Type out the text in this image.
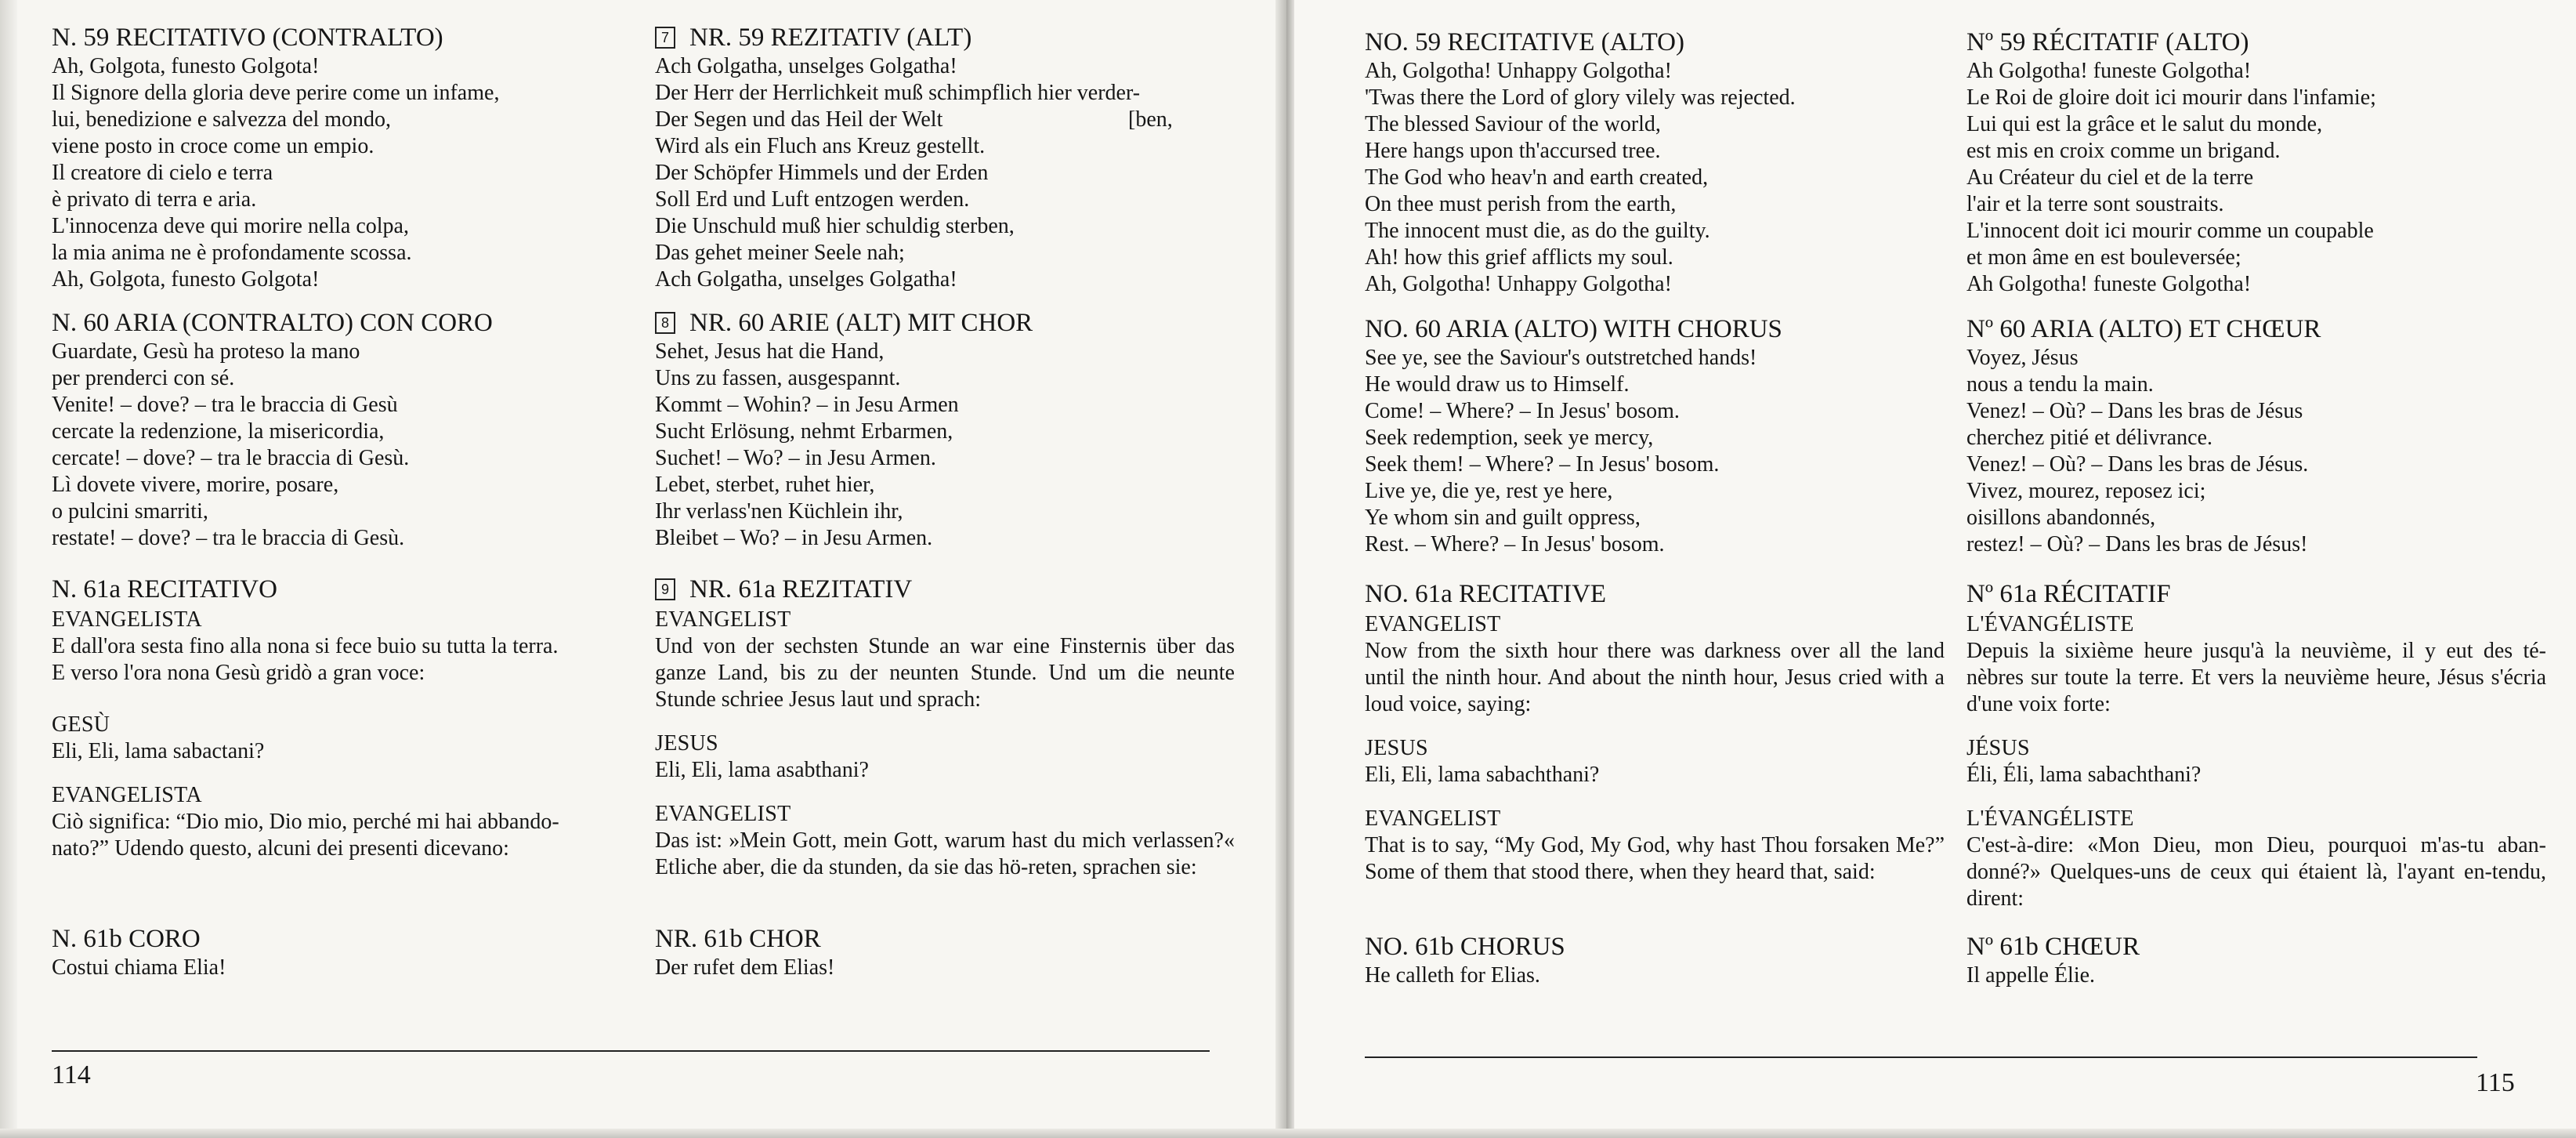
N. 59 RECITATIVO (CONTRALTO)

Ah, Golgota, funesto Golgota!

Il Signore della gloria deve perire come un infame,

lui, benedizione e salvezza del mondo,

viene posto in croce come un empio.

Il creatore di cielo e terra

è privato di terra e aria.

L'innocenza deve qui morire nella colpa,

la mia anima ne è profondamente scossa.

Ah, Golgota, funesto Golgota!

N. 60 ARIA (CONTRALTO) CON CORO

Guardate, Gesù ha proteso la mano

per prenderci con sé.

Venite! – dove? – tra le braccia di Gesù

cercate la redenzione, la misericordia,

cercate! – dove? – tra le braccia di Gesù.

Lì dovete vivere, morire, posare,

o pulcini smarriti,

restate! – dove? – tra le braccia di Gesù.

N. 61a RECITATIVO

EVANGELISTA

E dall'ora sesta fino alla nona si fece buio su tutta la terra.

E verso l'ora nona Gesù gridò a gran voce:

GESÙ

Eli, Eli, lama sabactani?

EVANGELISTA

Ciò significa: “Dio mio, Dio mio, perché mi hai abbando-

nato?” Udendo questo, alcuni dei presenti dicevano:

N. 61b CORO

Costui chiama Elia!

7 NR. 59 REZITATIV (ALT)

Ach Golgatha, unselges Golgatha!

Der Herr der Herrlichkeit muß schimpflich hier verder-

Der Segen und das Heil der Welt	[ben,

Wird als ein Fluch ans Kreuz gestellt.

Der Schöpfer Himmels und der Erden

Soll Erd und Luft entzogen werden.

Die Unschuld muß hier schuldig sterben,

Das gehet meiner Seele nah;

Ach Golgatha, unselges Golgatha!

8 NR. 60 ARIE (ALT) MIT CHOR

Sehet, Jesus hat die Hand,

Uns zu fassen, ausgespannt.

Kommt – Wohin? – in Jesu Armen

Sucht Erlösung, nehmt Erbarmen,

Suchet! – Wo? – in Jesu Armen.

Lebet, sterbet, ruhet hier,

Ihr verlass'nen Küchlein ihr,

Bleibet – Wo? – in Jesu Armen.

9 NR. 61a REZITATIV

EVANGELIST

Und von der sechsten Stunde an war eine Finsternis über das ganze Land, bis zu der neunten Stunde. Und um die neunte Stunde schriee Jesus laut und sprach:

JESUS

Eli, Eli, lama asabthani?

EVANGELIST

Das ist: »Mein Gott, mein Gott, warum hast du mich verlassen?« Etliche aber, die da stunden, da sie das hö-reten, sprachen sie:

NR. 61b CHOR

Der rufet dem Elias!

114

NO. 59 RECITATIVE (ALTO)

Ah, Golgotha! Unhappy Golgotha!

'Twas there the Lord of glory vilely was rejected.

The blessed Saviour of the world,

Here hangs upon th'accursed tree.

The God who heav'n and earth created,

On thee must perish from the earth,

The innocent must die, as do the guilty.

Ah! how this grief afflicts my soul.

Ah, Golgotha! Unhappy Golgotha!

NO. 60 ARIA (ALTO) WITH CHORUS

See ye, see the Saviour's outstretched hands!

He would draw us to Himself.

Come! – Where? – In Jesus' bosom.

Seek redemption, seek ye mercy,

Seek them! – Where? – In Jesus' bosom.

Live ye, die ye, rest ye here,

Ye whom sin and guilt oppress,

Rest. – Where? – In Jesus' bosom.

NO. 61a RECITATIVE

EVANGELIST

Now from the sixth hour there was darkness over all the land until the ninth hour. And about the ninth hour, Jesus cried with a loud voice, saying:

JESUS

Eli, Eli, lama sabachthani?

EVANGELIST

That is to say, “My God, My God, why hast Thou forsaken Me?” Some of them that stood there, when they heard that, said:

NO. 61b CHORUS

He calleth for Elias.

Nº 59 RÉCITATIF (ALTO)

Ah Golgotha! funeste Golgotha!

Le Roi de gloire doit ici mourir dans l'infamie;

Lui qui est la grâce et le salut du monde,

est mis en croix comme un brigand.

Au Créateur du ciel et de la terre

l'air et la terre sont soustraits.

L'innocent doit ici mourir comme un coupable

et mon âme en est bouleversée;

Ah Golgotha! funeste Golgotha!

Nº 60 ARIA (ALTO) ET CHŒUR

Voyez, Jésus

nous a tendu la main.

Venez! – Où? – Dans les bras de Jésus

cherchez pitié et délivrance.

Venez! – Où? – Dans les bras de Jésus.

Vivez, mourez, reposez ici;

oisillons abandonnés,

restez! – Où? – Dans les bras de Jésus!

Nº 61a RÉCITATIF

L'ÉVANGÉLISTE

Depuis la sixième heure jusqu'à la neuvième, il y eut des té-nèbres sur toute la terre. Et vers la neuvième heure, Jésus s'écria d'une voix forte:

JÉSUS

Éli, Éli, lama sabachthani?

L'ÉVANGÉLISTE

C'est-à-dire: «Mon Dieu, mon Dieu, pourquoi m'as-tu aban-donné?» Quelques-uns de ceux qui étaient là, l'ayant en-tendu, dirent:

Nº 61b CHŒUR

Il appelle Élie.

115
